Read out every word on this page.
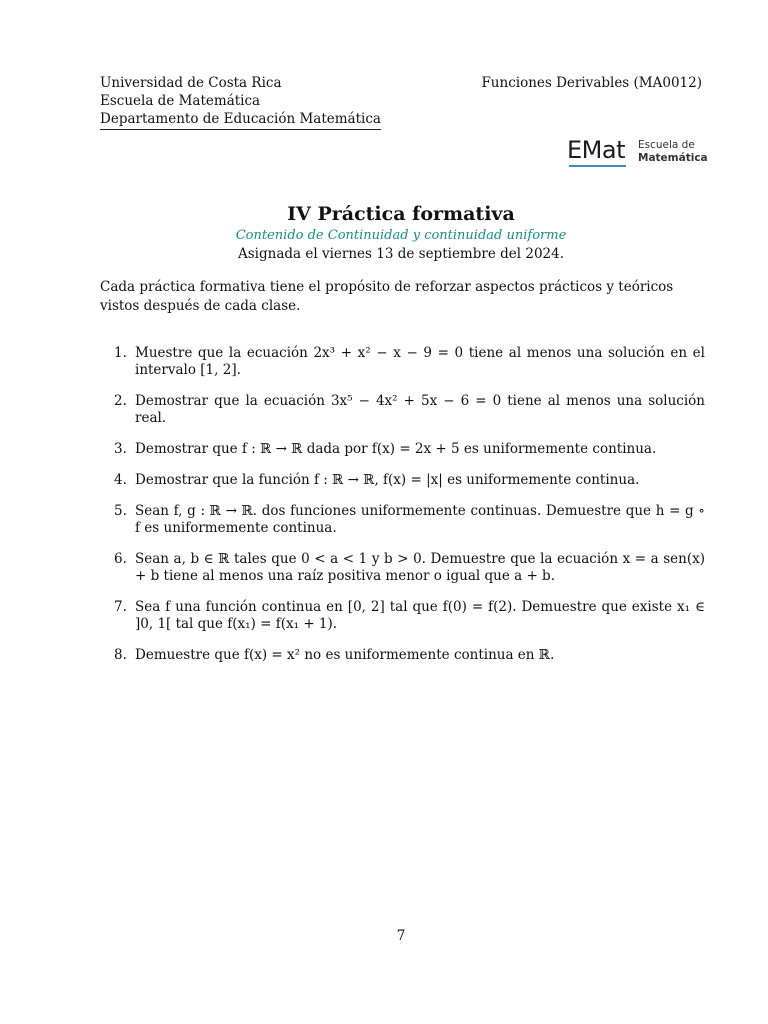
Universidad de Costa Rica
Escuela de Matemática
Departamento de Educación Matemática
Funciones Derivables (MA0012)
EMat Escuela de
Matemática
IV Práctica formativa
Contenido de Continuidad y continuidad uniforme
Asignada el viernes 13 de septiembre del 2024.
Cada práctica formativa tiene el propósito de reforzar aspectos prácticos y teóricos vistos después de cada clase.
1. Muestre que la ecuación 2x³ + x² − x − 9 = 0 tiene al menos una solución en el intervalo [1, 2].
2. Demostrar que la ecuación 3x⁵ − 4x² + 5x − 6 = 0 tiene al menos una solución real.
3. Demostrar que f : ℝ → ℝ dada por f(x) = 2x + 5 es uniformemente continua.
4. Demostrar que la función f : ℝ → ℝ, f(x) = |x| es uniformemente continua.
5. Sean f, g : ℝ → ℝ. dos funciones uniformemente continuas. Demuestre que h = g ∘ f es uniformemente continua.
6. Sean a, b ∈ ℝ tales que 0 < a < 1 y b > 0. Demuestre que la ecuación x = a sen(x) + b tiene al menos una raíz positiva menor o igual que a + b.
7. Sea f una función continua en [0, 2] tal que f(0) = f(2). Demuestre que existe x₁ ∈ ]0, 1[ tal que f(x₁) = f(x₁ + 1).
8. Demuestre que f(x) = x² no es uniformemente continua en ℝ.
7
